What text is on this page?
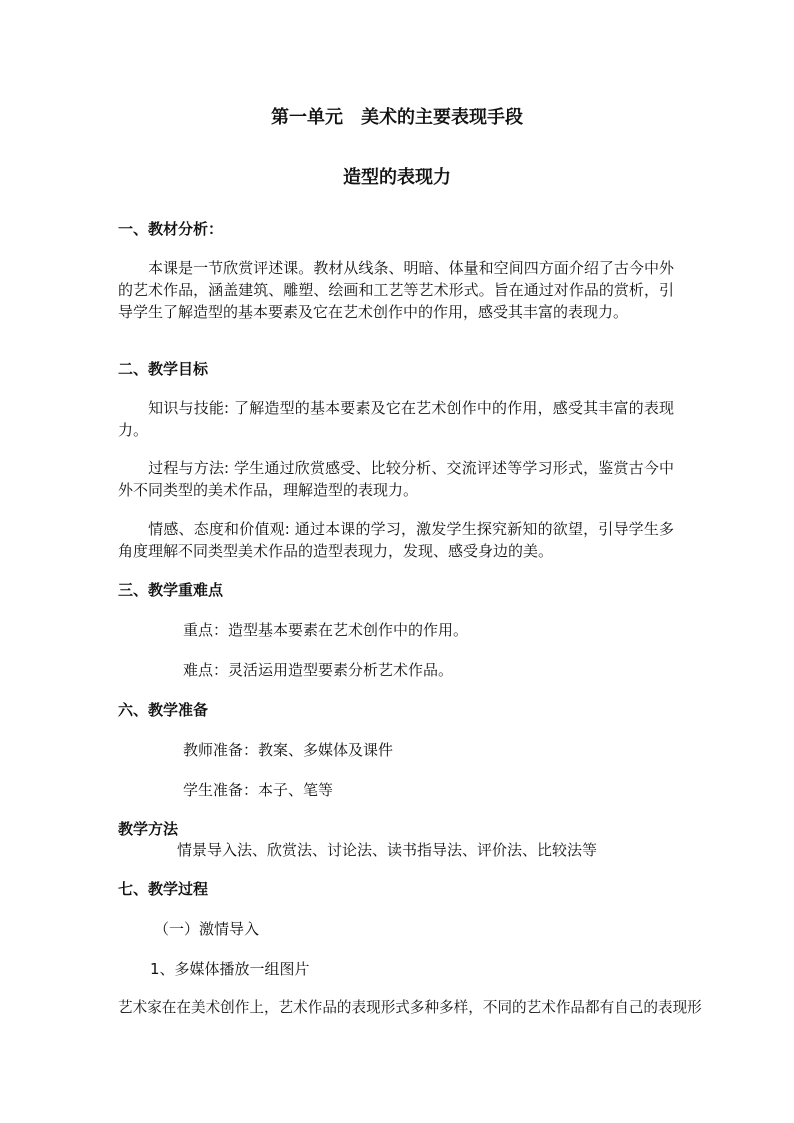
第一单元　美术的主要表现手段

造型的表现力

一、教材分析：

本课是一节欣赏评述课。教材从线条、明暗、体量和空间四方面介绍了古今中外的艺术作品，涵盖建筑、雕塑、绘画和工艺等艺术形式。旨在通过对作品的赏析，引导学生了解造型的基本要素及它在艺术创作中的作用，感受其丰富的表现力。

二、教学目标

知识与技能: 了解造型的基本要素及它在艺术创作中的作用，感受其丰富的表现力。

过程与方法: 学生通过欣赏感受、比较分析、交流评述等学习形式，鉴赏古今中外不同类型的美术作品，理解造型的表现力。

情感、态度和价值观: 通过本课的学习，激发学生探究新知的欲望，引导学生多角度理解不同类型美术作品的造型表现力，发现、感受身边的美。

三、教学重难点

重点：造型基本要素在艺术创作中的作用。

难点：灵活运用造型要素分析艺术作品。

六、教学准备

教师准备：教案、多媒体及课件

学生准备：本子、笔等

教学方法

情景导入法、欣赏法、讨论法、读书指导法、评价法、比较法等

七、教学过程

（一）激情导入

1、多媒体播放一组图片

艺术家在在美术创作上，艺术作品的表现形式多种多样，不同的艺术作品都有自己的表现形
